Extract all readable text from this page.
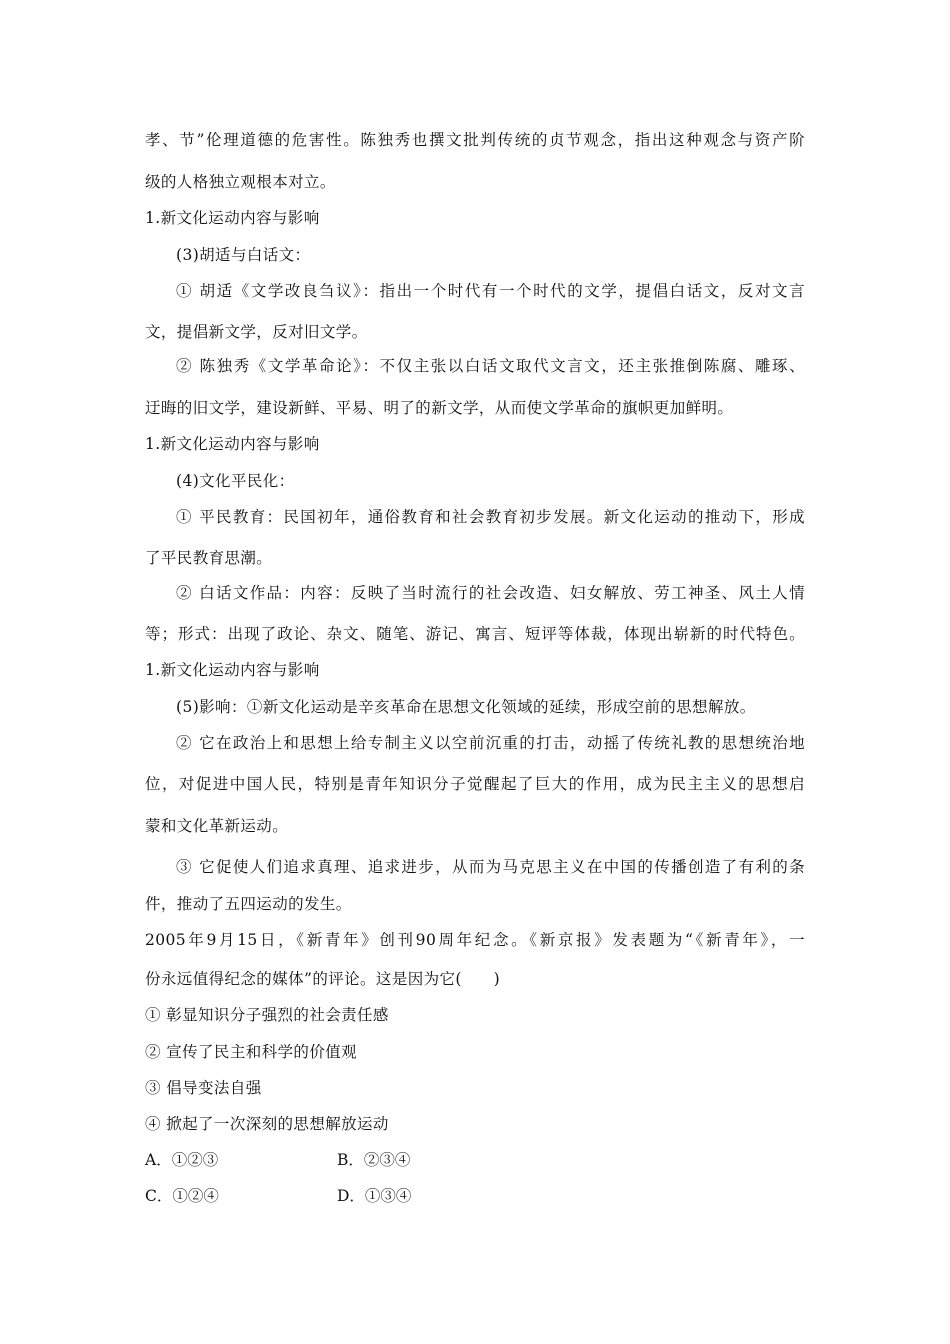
孝、节”伦理道德的危害性。陈独秀也撰文批判传统的贞节观念，指出这种观念与资产阶
级的人格独立观根本对立。
1.新文化运动内容与影响
(3)胡适与白话文：
① 胡适《文学改良刍议》：指出一个时代有一个时代的文学，提倡白话文，反对文言
文，提倡新文学，反对旧文学。
② 陈独秀《文学革命论》：不仅主张以白话文取代文言文，还主张推倒陈腐、雕琢、
迂晦的旧文学，建设新鲜、平易、明了的新文学，从而使文学革命的旗帜更加鲜明。
1.新文化运动内容与影响
(4)文化平民化：
① 平民教育：民国初年，通俗教育和社会教育初步发展。新文化运动的推动下，形成
了平民教育思潮。
② 白话文作品：内容：反映了当时流行的社会改造、妇女解放、劳工神圣、风土人情
等；形式：出现了政论、杂文、随笔、游记、寓言、短评等体裁，体现出崭新的时代特色。
1.新文化运动内容与影响
(5)影响：①新文化运动是辛亥革命在思想文化领域的延续，形成空前的思想解放。
② 它在政治上和思想上给专制主义以空前沉重的打击，动摇了传统礼教的思想统治地
位，对促进中国人民，特别是青年知识分子觉醒起了巨大的作用，成为民主主义的思想启
蒙和文化革新运动。
③ 它促使人们追求真理、追求进步，从而为马克思主义在中国的传播创造了有利的条
件，推动了五四运动的发生。
2005年9月15日，《新青年》创刊90周年纪念。《新京报》发表题为“《新青年》，一
份永远值得纪念的媒体”的评论。这是因为它(　　)
① 彰显知识分子强烈的社会责任感
② 宣传了民主和科学的价值观
③ 倡导变法自强
④ 掀起了一次深刻的思想解放运动
A．①②③	B．②③④
C．①②④	D．①③④
